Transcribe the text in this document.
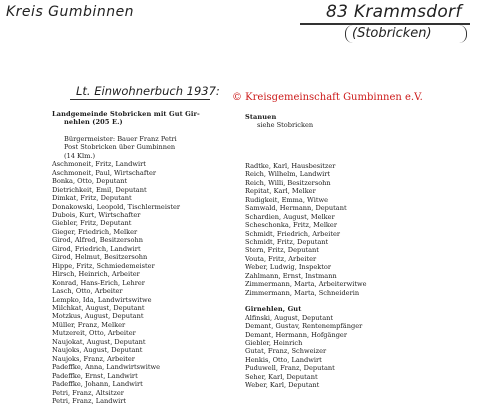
Kreis Gumbinnen	83 Krammsdorf
(Stobricken)
Lt. Einwohnerbuch 1937: © Kreisgemeinschaft Gumbinnen e.V.
Landgemeinde Stobricken mit Gut Gir-
nehlen (205 E.)
Bürgermeister: Bauer Franz Petri
Post Stobricken über Gumbinnen
(14 Klm.)
Aschmoneit, Fritz, Landwirt
Aschmoneit, Paul, Wirtschafter
Bonka, Otto, Deputant
Dietrichkeit, Emil, Deputant
Dimkat, Fritz, Deputant
Donakowski, Leopold, Tischlermeister
Dubois, Kurt, Wirtschafter
Giebler, Fritz, Deputant
Gieger, Friedrich, Melker
Girod, Alfred, Besitzersohn
Girod, Friedrich, Landwirt
Girod, Helmut, Besitzersohn
Hippe, Fritz, Schmiedemeister
Hirsch, Heinrich, Arbeiter
Konrad, Hans-Erich, Lehrer
Lasch, Otto, Arbeiter
Lempko, Ida, Landwirtswitwe
Milchkat, August, Deputant
Motzkus, August, Deputant
Müller, Franz, Melker
Mutzereit, Otto, Arbeiter
Naujokat, August, Deputant
Naujoks, August, Deputant
Naujoks, Franz, Arbeiter
Padeffke, Anna, Landwirtswitwe
Padeffke, Ernst, Landwirt
Padeffke, Johann, Landwirt
Petri, Franz, Altsitzer
Petri, Franz, Landwirt
Stanuen
siehe Stobricken
Radtke, Karl, Hausbesitzer
Reich, Wilhelm, Landwirt
Reich, Willi, Besitzersohn
Repitat, Karl, Melker
Rudigkeit, Emma, Witwe
Samwald, Hermann, Deputant
Schardien, August, Melker
Scheschonka, Fritz, Melker
Schmidt, Friedrich, Arbeiter
Schmidt, Fritz, Deputant
Stern, Fritz, Deputant
Vouta, Fritz, Arbeiter
Weber, Ludwig, Inspektor
Zahlmann, Ernst, Instmann
Zimmermann, Marta, Arbeiterwitwe
Zimmermann, Marta, Schneiderin
Girnehlen, Gut
Alfinski, August, Deputant
Demant, Gustav, Rentenempfänger
Demant, Hermann, Hofgänger
Giebler, Heinrich
Gutat, Franz, Schweizer
Henkis, Otto, Landwirt
Puduwell, Franz, Deputant
Seher, Karl, Deputant
Weber, Karl, Deputant
